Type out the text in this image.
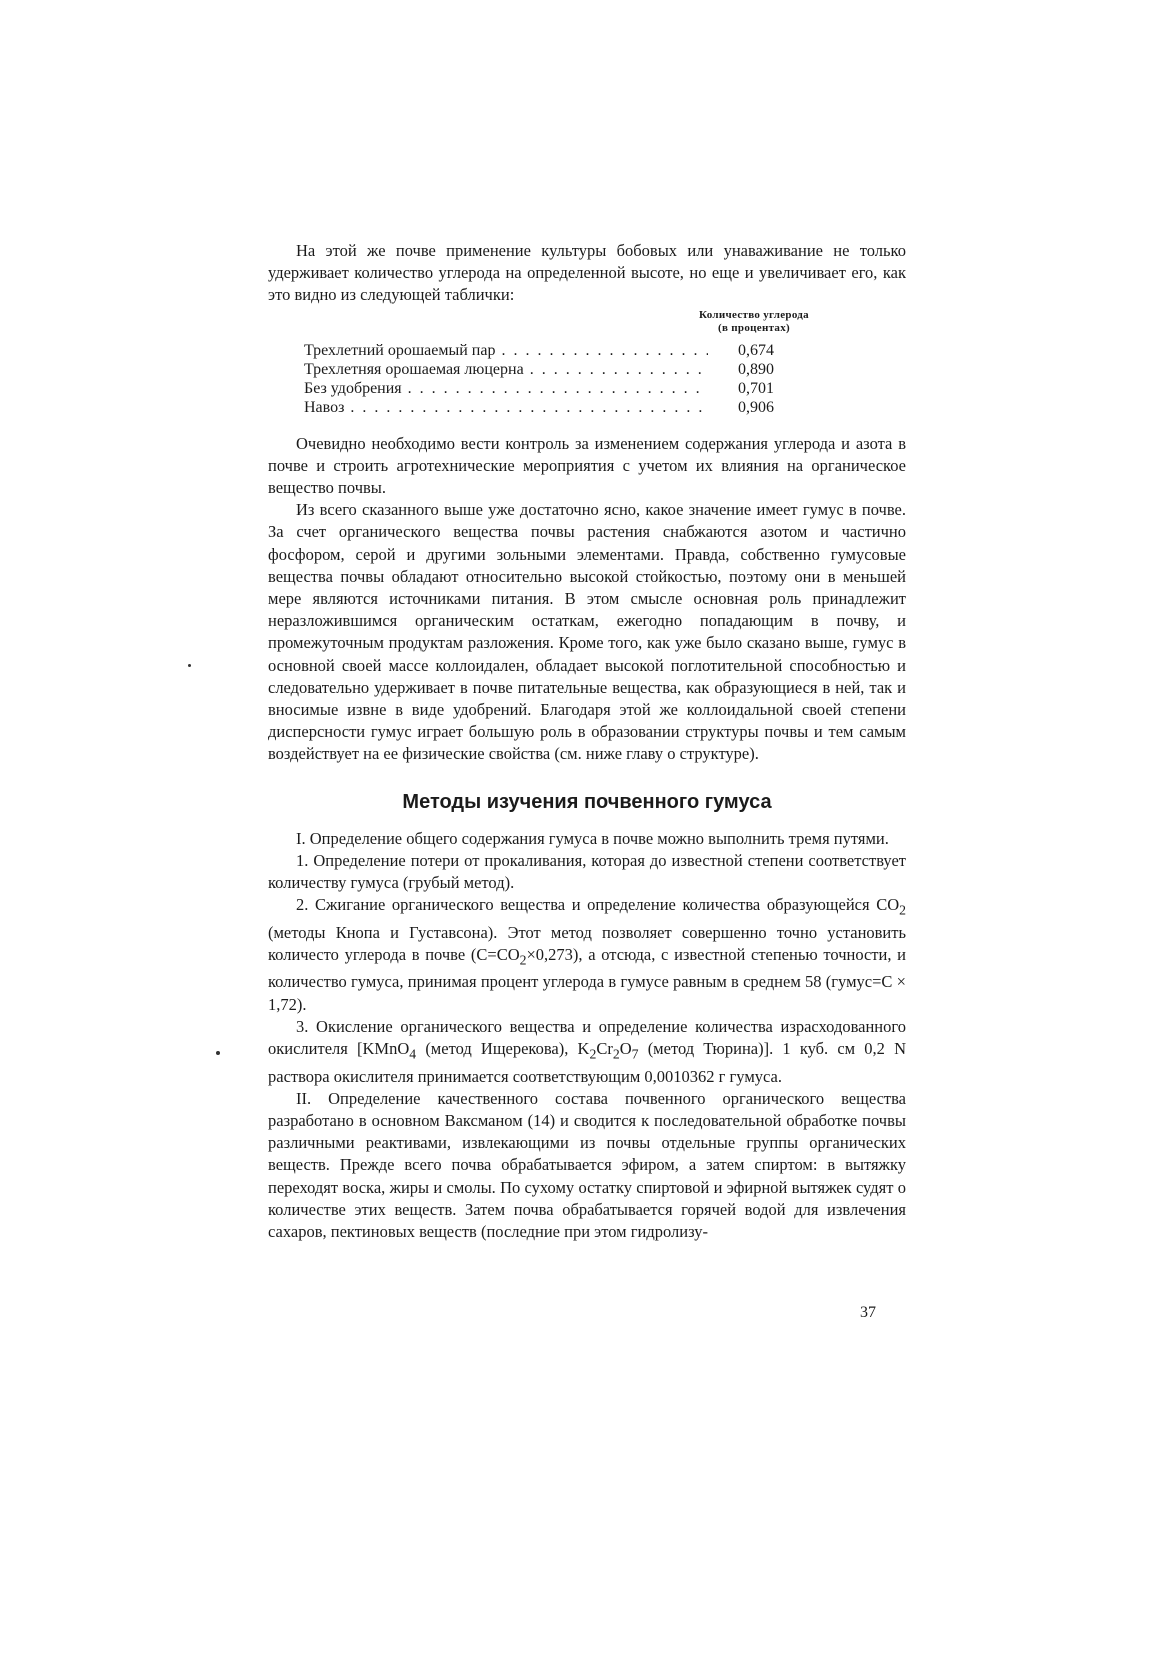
На этой же почве применение культуры бобовых или унаваживание не только удерживает количество углерода на определенной высоте, но еще и увеличивает его, как это видно из следующей таблички:

Количество углерода
(в процентах)
Трехлетний орошаемый пар . . .	0,674
Трехлетняя орошаемая люцерна . . .	0,890
Без удобрения . . .	0,701
Навоз . . .	0,906

Очевидно необходимо вести контроль за изменением содержания углерода и азота в почве и строить агротехнические мероприятия с учетом их влияния на органическое вещество почвы.

Из всего сказанного выше уже достаточно ясно, какое значение имеет гумус в почве. За счет органического вещества почвы растения снабжаются азотом и частично фосфором, серой и другими зольными элементами. Правда, собственно гумусовые вещества почвы обладают относительно высокой стойкостью, поэтому они в меньшей мере являются источниками питания. В этом смысле основная роль принадлежит неразложившимся органическим остаткам, ежегодно попадающим в почву, и промежуточным продуктам разложения. Кроме того, как уже было сказано выше, гумус в основной своей массе коллоидален, обладает высокой поглотительной способностью и следовательно удерживает в почве питательные вещества, как образующиеся в ней, так и вносимые извне в виде удобрений. Благодаря этой же коллоидальной своей степени дисперсности гумус играет большую роль в образовании структуры почвы и тем самым воздействует на ее физические свойства (см. ниже главу о структуре).

Методы изучения почвенного гумуса

I. Определение общего содержания гумуса в почве можно выполнить тремя путями.

1. Определение потери от прокаливания, которая до известной степени соответствует количеству гумуса (грубый метод).

2. Сжигание органического вещества и определение количества образующейся $CO_2$ (методы Кнопа и Густавсона). Этот метод позволяет совершенно точно установить количесто углерода в почве $(C=CO_2\times 0,273)$, а отсюда, с известной степенью точности, и количество гумуса, принимая процент углерода в гумусе равным в среднем 58 (гумус=C × 1,72).

3. Окисление органического вещества и определение количества израсходованного окислителя [KMnO$_4$ (метод Ищерекова), $K_2Cr_2O_7$ (метод Тюрина)]. 1 куб. см 0,2 N раствора окислителя принимается соответствующим 0,0010362 г гумуса.

II. Определение качественного состава почвенного органического вещества разработано в основном Ваксманом (14) и сводится к последовательной обработке почвы различными реактивами, извлекающими из почвы отдельные группы органических веществ. Прежде всего почва обрабатывается эфиром, а затем спиртом: в вытяжку переходят воска, жиры и смолы. По сухому остатку спиртовой и эфирной вытяжек судят о количестве этих веществ. Затем почва обрабатывается горячей водой для извлечения сахаров, пектиновых веществ (последние при этом гидролизу-

37
